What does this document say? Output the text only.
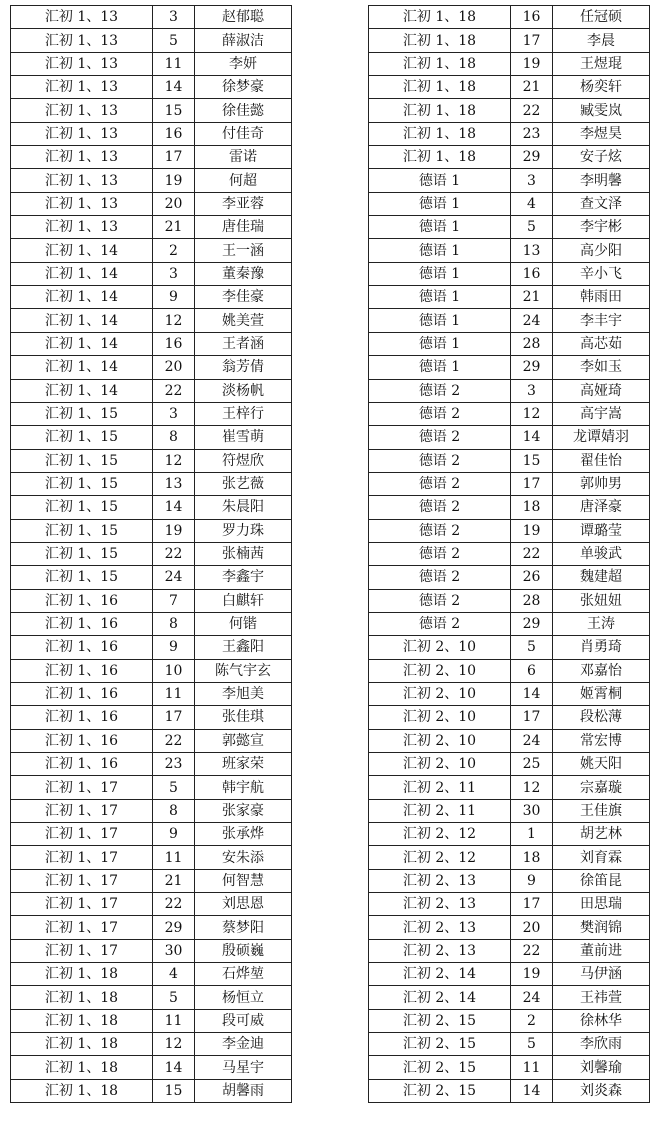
汇初 1、13	3	赵郁聪
汇初 1、13	5	薛淑洁
汇初 1、13	11	李妍
汇初 1、13	14	徐梦豪
汇初 1、13	15	徐佳懿
汇初 1、13	16	付佳奇
汇初 1、13	17	雷诺
汇初 1、13	19	何超
汇初 1、13	20	李亚蓉
汇初 1、13	21	唐佳瑞
汇初 1、14	2	王一涵
汇初 1、14	3	董秦豫
汇初 1、14	9	李佳豪
汇初 1、14	12	姚美萱
汇初 1、14	16	王者涵
汇初 1、14	20	翁芳倩
汇初 1、14	22	淡杨帆
汇初 1、15	3	王梓行
汇初 1、15	8	崔雪萌
汇初 1、15	12	符煜欣
汇初 1、15	13	张艺薇
汇初 1、15	14	朱晨阳
汇初 1、15	19	罗力珠
汇初 1、15	22	张楠茜
汇初 1、15	24	李鑫宇
汇初 1、16	7	白麒轩
汇初 1、16	8	何锴
汇初 1、16	9	王鑫阳
汇初 1、16	10	陈气宇玄
汇初 1、16	11	李旭美
汇初 1、16	17	张佳琪
汇初 1、16	22	郭懿宣
汇初 1、16	23	班家荣
汇初 1、17	5	韩宇航
汇初 1、17	8	张家豪
汇初 1、17	9	张承烨
汇初 1、17	11	安朱添
汇初 1、17	21	何智慧
汇初 1、17	22	刘思恩
汇初 1、17	29	蔡梦阳
汇初 1、17	30	殷硕巍
汇初 1、18	4	石烨堃
汇初 1、18	5	杨恒立
汇初 1、18	11	段可威
汇初 1、18	12	李金迪
汇初 1、18	14	马星宇
汇初 1、18	15	胡馨雨
汇初 1、18	16	任冠硕
汇初 1、18	17	李晨
汇初 1、18	19	王煜琨
汇初 1、18	21	杨奕轩
汇初 1、18	22	臧雯岚
汇初 1、18	23	李煜昊
汇初 1、18	29	安子炫
德语 1	3	李明馨
德语 1	4	查文泽
德语 1	5	李宇彬
德语 1	13	高少阳
德语 1	16	辛小飞
德语 1	21	韩雨田
德语 1	24	李丰宇
德语 1	28	高芯茹
德语 1	29	李如玉
德语 2	3	高娅琦
德语 2	12	高宇嵩
德语 2	14	龙谭婧羽
德语 2	15	翟佳怡
德语 2	17	郭帅男
德语 2	18	唐泽豪
德语 2	19	谭璐莹
德语 2	22	单骏武
德语 2	26	魏建超
德语 2	28	张妞妞
德语 2	29	王涛
汇初 2、10	5	肖勇琦
汇初 2、10	6	邓嘉怡
汇初 2、10	14	姬霄桐
汇初 2、10	17	段松薄
汇初 2、10	24	常宏博
汇初 2、10	25	姚天阳
汇初 2、11	12	宗嘉璇
汇初 2、11	30	王佳旗
汇初 2、12	1	胡艺林
汇初 2、12	18	刘育霖
汇初 2、13	9	徐笛昆
汇初 2、13	17	田思瑞
汇初 2、13	20	樊润锦
汇初 2、13	22	董前进
汇初 2、14	19	马伊涵
汇初 2、14	24	王祎萱
汇初 2、15	2	徐林华
汇初 2、15	5	李欣雨
汇初 2、15	11	刘馨瑜
汇初 2、15	14	刘炎森
